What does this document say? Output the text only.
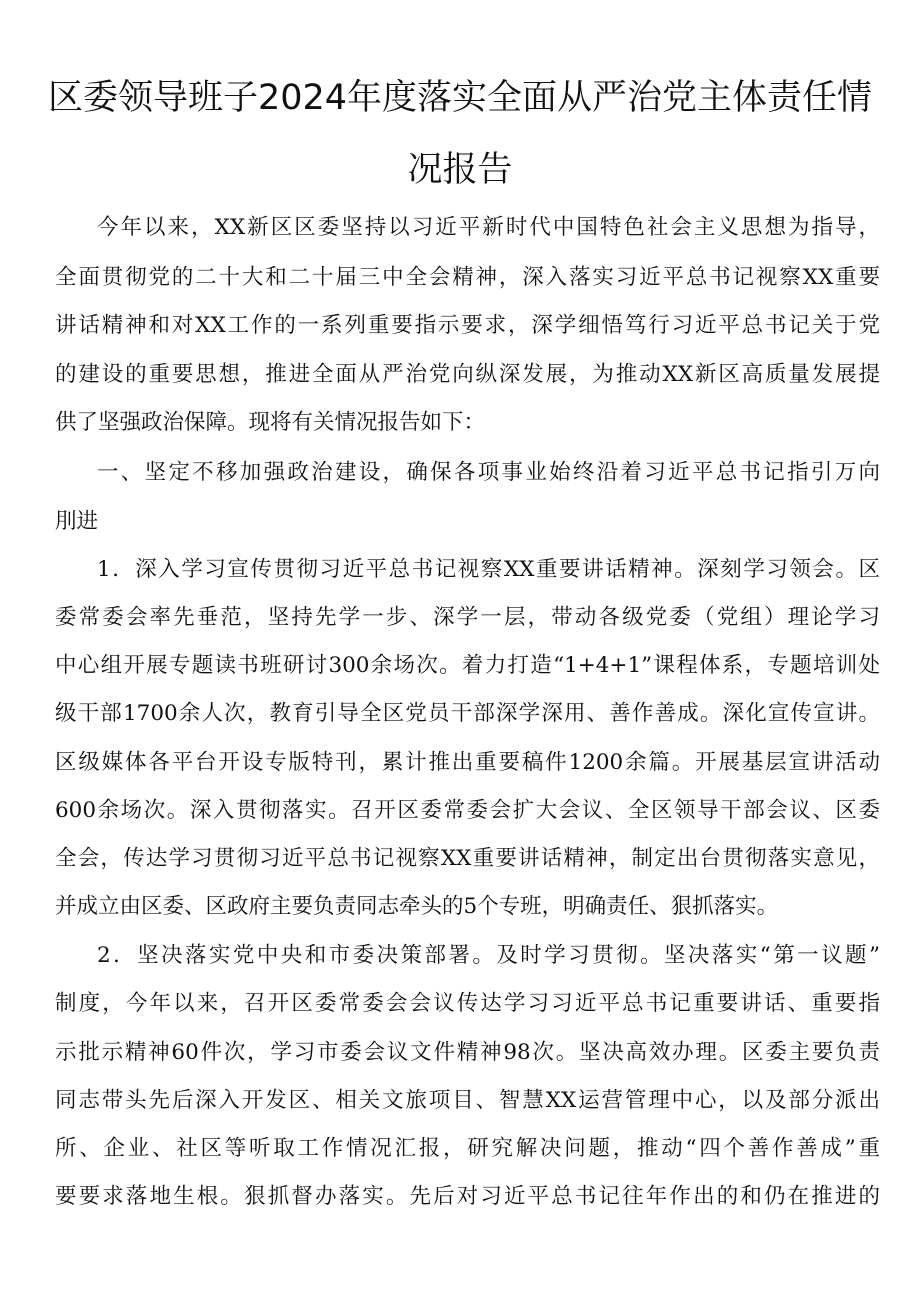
区委领导班子2024年度落实全面从严治党主体责任情
况报告
今年以来，XX新区区委坚持以习近平新时代中国特色社会主义思想为指导，
全面贯彻党的二十大和二十届三中全会精神，深入落实习近平总书记视察XX重要
讲话精神和对XX工作的一系列重要指示要求，深学细悟笃行习近平总书记关于党
的建设的重要思想，推进全面从严治党向纵深发展，为推动XX新区高质量发展提
供了坚强政治保障。现将有关情况报告如下：
一、坚定不移加强政治建设，确保各项事业始终沿着习近平总书记指引万向
刖进
1．深入学习宣传贯彻习近平总书记视察XX重要讲话精神。深刻学习领会。区
委常委会率先垂范，坚持先学一步、深学一层，带动各级党委（党组）理论学习
中心组开展专题读书班研讨300余场次。着力打造“1+4+1”课程体系，专题培训处
级干部1700余人次，教育引导全区党员干部深学深用、善作善成。深化宣传宣讲。
区级媒体各平台开设专版特刊，累计推出重要稿件1200余篇。开展基层宣讲活动
600余场次。深入贯彻落实。召开区委常委会扩大会议、全区领导干部会议、区委
全会，传达学习贯彻习近平总书记视察XX重要讲话精神，制定出台贯彻落实意见，
并成立由区委、区政府主要负责同志牵头的5个专班，明确责任、狠抓落实。
2．坚决落实党中央和市委决策部署。及时学习贯彻。坚决落实“第一议题”
制度，今年以来，召开区委常委会会议传达学习习近平总书记重要讲话、重要指
示批示精神60件次，学习市委会议文件精神98次。坚决高效办理。区委主要负责
同志带头先后深入开发区、相关文旅项目、智慧XX运营管理中心，以及部分派出
所、企业、社区等听取工作情况汇报，研究解决问题，推动“四个善作善成”重
要要求落地生根。狠抓督办落实。先后对习近平总书记往年作出的和仍在推进的
